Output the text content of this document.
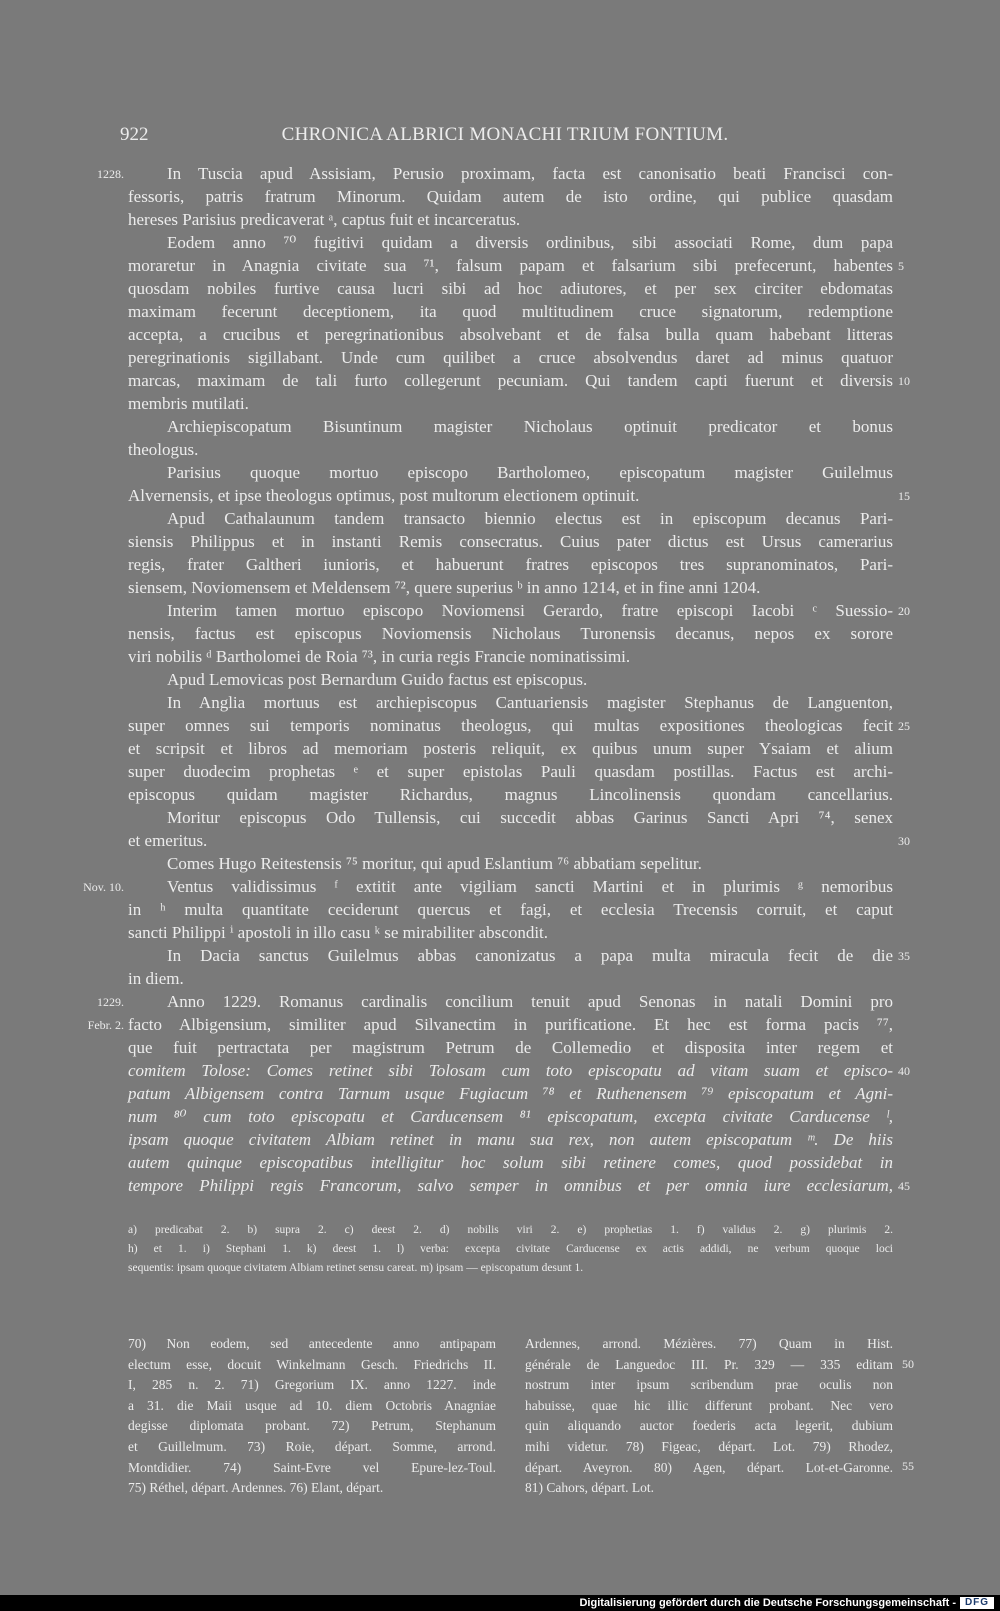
922	CHRONICA ALBRICI MONACHI TRIUM FONTIUM.
In Tuscia apud Assisiam, Perusio proximam, facta est canonisatio beati Francisci con-
1228.
fessoris, patris fratrum Minorum. Quidam autem de isto ordine, qui publice quasdam
hereses Parisius predicaverat ᵃ, captus fuit et incarceratus.
Eodem anno ⁷⁰ fugitivi quidam a diversis ordinibus, sibi associati Rome, dum papa
moraretur in Anagnia civitate sua ⁷¹, falsum papam et falsarium sibi prefecerunt, habentes 5
quosdam nobiles furtive causa lucri sibi ad hoc adiutores, et per sex circiter ebdomatas
maximam fecerunt deceptionem, ita quod multitudinem cruce signatorum, redemptione
accepta, a crucibus et peregrinationibus absolvebant et de falsa bulla quam habebant litteras
peregrinationis sigillabant. Unde cum quilibet a cruce absolvendus daret ad minus quatuor
marcas, maximam de tali furto collegerunt pecuniam. Qui tandem capti fuerunt et diversis 10
membris mutilati.
Archiepiscopatum Bisuntinum magister Nicholaus optinuit predicator et bonus
theologus.
Parisius quoque mortuo episcopo Bartholomeo, episcopatum magister Guilelmus
Alvernensis, et ipse theologus optimus, post multorum electionem optinuit.	15
Apud Cathalaunum tandem transacto biennio electus est in episcopum decanus Pari-
siensis Philippus et in instanti Remis consecratus. Cuius pater dictus est Ursus camerarius
regis, frater Galtheri iunioris, et habuerunt fratres episcopos tres supranominatos, Pari-
siensem, Noviomensem et Meldensem ⁷², quere superius ᵇ in anno 1214, et in fine anni 1204.
Interim tamen mortuo episcopo Noviomensi Gerardo, fratre episcopi Iacobi ᶜ Suessio- 20
nensis, factus est episcopus Noviomensis Nicholaus Turonensis decanus, nepos ex sorore
viri nobilis ᵈ Bartholomei de Roia ⁷³, in curia regis Francie nominatissimi.
Apud Lemovicas post Bernardum Guido factus est episcopus.
In Anglia mortuus est archiepiscopus Cantuariensis magister Stephanus de Languenton,
super omnes sui temporis nominatus theologus, qui multas expositiones theologicas fecit 25
et scripsit et libros ad memoriam posteris reliquit, ex quibus unum super Ysaiam et alium
super duodecim prophetas ᵉ et super epistolas Pauli quasdam postillas. Factus est archi-
episcopus quidam magister Richardus, magnus Lincolinensis quondam cancellarius.
Moritur episcopus Odo Tullensis, cui succedit abbas Garinus Sancti Apri ⁷⁴, senex
et emeritus.	30
Comes Hugo Reitestensis ⁷⁵ moritur, qui apud Eslantium ⁷⁶ abbatiam sepelitur.
Ventus validissimus ᶠ extitit ante vigiliam sancti Martini et in plurimis ᵍ nemoribus
Nov. 10.
in ʰ multa quantitate ceciderunt quercus et fagi, et ecclesia Trecensis corruit, et caput
sancti Philippi ⁱ apostoli in illo casu ᵏ se mirabiliter abscondit.
In Dacia sanctus Guilelmus abbas canonizatus a papa multa miracula fecit de die 35
in diem.
Anno 1229. Romanus cardinalis concilium tenuit apud Senonas in natali Domini pro
1229.
facto Albigensium, similiter apud Silvanectim in purificatione. Et hec est forma pacis ⁷⁷,
Febr. 2.
que fuit pertractata per magistrum Petrum de Collemedio et disposita inter regem et
comitem Tolose: Comes retinet sibi Tolosam cum toto episcopatu ad vitam suam et episco- 40
patum Albigensem contra Tarnum usque Fugiacum ⁷⁸ et Ruthenensem ⁷⁹ episcopatum et Agni-
num ⁸⁰ cum toto episcopatu et Carducensem ⁸¹ episcopatum, excepta civitate Carducense ˡ,
ipsam quoque civitatem Albiam retinet in manu sua rex, non autem episcopatum ᵐ. De hiis
autem quinque episcopatibus intelligitur hoc solum sibi retinere comes, quod possidebat in
tempore Philippi regis Francorum, salvo semper in omnibus et per omnia iure ecclesiarum, 45
a) predicabat 2. b) supra 2. c) deest 2. d) nobilis viri 2. e) prophetias 1. f) validus 2. g) plurimis 2.
h) et 1. i) Stephani 1. k) deest 1. l) verba: excepta civitate Carducense ex actis addidi, ne verbum quoque loci
sequentis: ipsam quoque civitatem Albiam retinet sensu careat. m) ipsam — episcopatum desunt 1.
70) Non eodem, sed antecedente anno antipapam
electum esse, docuit Winkelmann Gesch. Friedrichs II.
I, 285 n. 2. 71) Gregorium IX. anno 1227. inde
a 31. die Maii usque ad 10. diem Octobris Anagniae
degisse diplomata probant. 72) Petrum, Stephanum
et Guillelmum. 73) Roie, départ. Somme, arrond.
Montdidier. 74) Saint-Evre vel Epure-lez-Toul.
75) Réthel, départ. Ardennes. 76) Elant, départ.
Ardennes, arrond. Mézières. 77) Quam in Hist.
générale de Languedoc III. Pr. 329 — 335 editam
nostrum inter ipsum scribendum prae oculis non
habuisse, quae hic illic differunt probant. Nec vero
quin aliquando auctor foederis acta legerit, dubium
mihi videtur. 78) Figeac, départ. Lot. 79) Rhodez,
départ. Aveyron. 80) Agen, départ. Lot-et-Garonne.
81) Cahors, départ. Lot.
50
55
Digitalisierung gefördert durch die Deutsche Forschungsgemeinschaft - DFG
